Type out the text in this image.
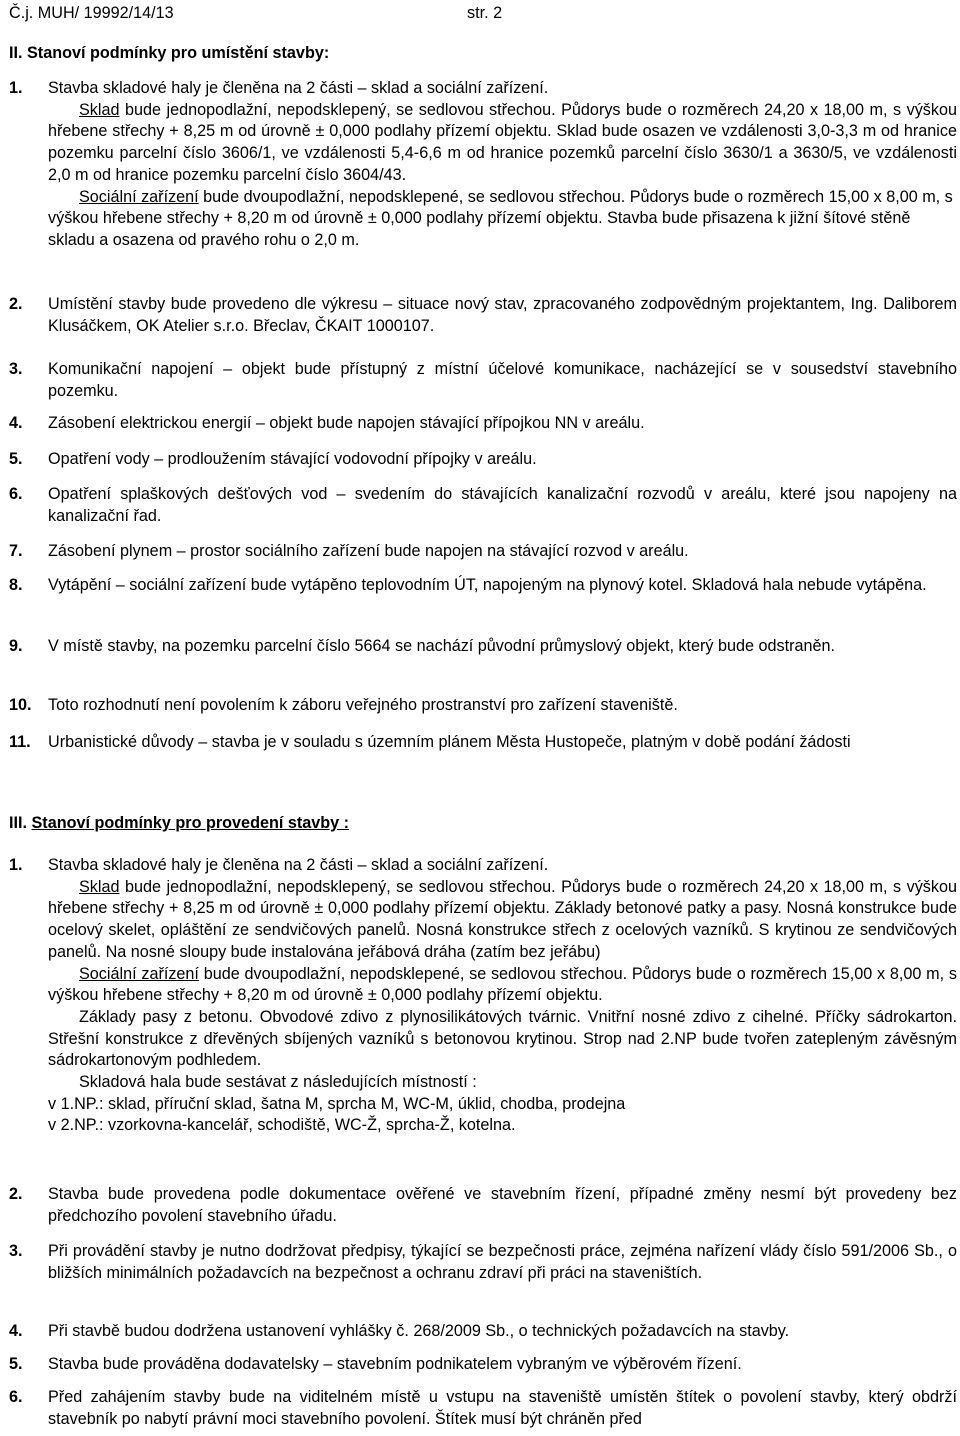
Č.j. MUH/ 19992/14/13	str. 2
II. Stanoví podmínky pro umístění stavby:
1. Stavba skladové haly je členěna na 2 části – sklad a sociální zařízení.

Sklad bude jednopodlažní, nepodsklepený, se sedlovou střechou. Půdorys bude o rozměrech 24,20 x 18,00 m, s výškou hřebene střechy + 8,25 m od úrovně ± 0,000 podlahy přízemí objektu. Sklad bude osazen ve vzdálenosti 3,0-3,3 m od hranice pozemku parcelní číslo 3606/1, ve vzdálenosti 5,4-6,6 m od hranice pozemků parcelní číslo 3630/1 a 3630/5, ve vzdálenosti 2,0 m od hranice pozemku parcelní číslo 3604/43.

Sociální zařízení bude dvoupodlažní, nepodsklepené, se sedlovou střechou. Půdorys bude o rozměrech 15,00 x 8,00 m, s výškou hřebene střechy + 8,20 m od úrovně ± 0,000 podlahy přízemí objektu. Stavba bude přisazena k jižní šítové stěně skladu a osazena od pravého rohu o 2,0 m.

2. Umístění stavby bude provedeno dle výkresu – situace nový stav, zpracovaného zodpovědným projektantem, Ing. Daliborem Klusáčkem, OK Atelier s.r.o. Břeclav, ČKAIT 1000107.

3. Komunikační napojení – objekt bude přístupný z místní účelové komunikace, nacházející se v sousedství stavebního pozemku.

4. Zásobení elektrickou energií – objekt bude napojen stávající přípojkou NN v areálu.

5. Opatření vody – prodloužením stávající vodovodní přípojky v areálu.

6. Opatření splaškových dešťových vod – svedením do stávajících kanalizační rozvodů v areálu, které jsou napojeny na kanalizační řad.

7. Zásobení plynem – prostor sociálního zařízení bude napojen na stávající rozvod v areálu.

8. Vytápění – sociální zařízení bude vytápěno teplovodním ÚT, napojeným na plynový kotel. Skladová hala nebude vytápěna.

9. V místě stavby, na pozemku parcelní číslo 5664 se nachází původní průmyslový objekt, který bude odstraněn.

10. Toto rozhodnutí není povolením k záboru veřejného prostranství pro zařízení staveniště.

11. Urbanistické důvody – stavba je v souladu s územním plánem Města Hustopeče, platným v době podání žádosti

III. Stanoví podmínky pro provedení stavby :
1. Stavba skladové haly je členěna na 2 části – sklad a sociální zařízení.

Sklad bude jednopodlažní, nepodsklepený, se sedlovou střechou. Půdorys bude o rozměrech 24,20 x 18,00 m, s výškou hřebene střechy + 8,25 m od úrovně ± 0,000 podlahy přízemí objektu. Základy betonové patky a pasy. Nosná konstrukce bude ocelový skelet, opláštění ze sendvičových panelů. Nosná konstrukce střech z ocelových vazníků. S krytinou ze sendvičových panelů. Na nosné sloupy bude instalována jeřábová dráha (zatím bez jeřábu)

Sociální zařízení bude dvoupodlažní, nepodsklepené, se sedlovou střechou. Půdorys bude o rozměrech 15,00 x 8,00 m, s výškou hřebene střechy + 8,20 m od úrovně ± 0,000 podlahy přízemí objektu.

Základy pasy z betonu. Obvodové zdivo z plynosilikátových tvárnic. Vnitřní nosné zdivo z cihelné. Příčky sádrokarton. Střešní konstrukce z dřevěných sbíjených vazníků s betonovou krytinou. Strop nad 2.NP bude tvořen zatepleným závěsným sádrokartonovým podhledem.

Skladová hala bude sestávat z následujících místností :

v 1.NP.: sklad, příruční sklad, šatna M, sprcha M, WC-M, úklid, chodba, prodejna

v 2.NP.: vzorkovna-kancelář, schodiště, WC-Ž, sprcha-Ž, kotelna.

2. Stavba bude provedena podle dokumentace ověřené ve stavebním řízení, případné změny nesmí být provedeny bez předchozího povolení stavebního úřadu.

3. Při provádění stavby je nutno dodržovat předpisy, týkající se bezpečnosti práce, zejména nařízení vlády číslo 591/2006 Sb., o bližších minimálních požadavcích na bezpečnost a ochranu zdraví při práci na staveništích.

4. Při stavbě budou dodržena ustanovení vyhlášky č. 268/2009 Sb., o technických požadavcích na stavby.

5. Stavba bude prováděna dodavatelsky – stavebním podnikatelem vybraným ve výběrovém řízení.

6. Před zahájením stavby bude na viditelném místě u vstupu na staveniště umístěn štítek o povolení stavby, který obdrží stavebník po nabytí právní moci stavebního povolení. Štítek musí být chráněn před
